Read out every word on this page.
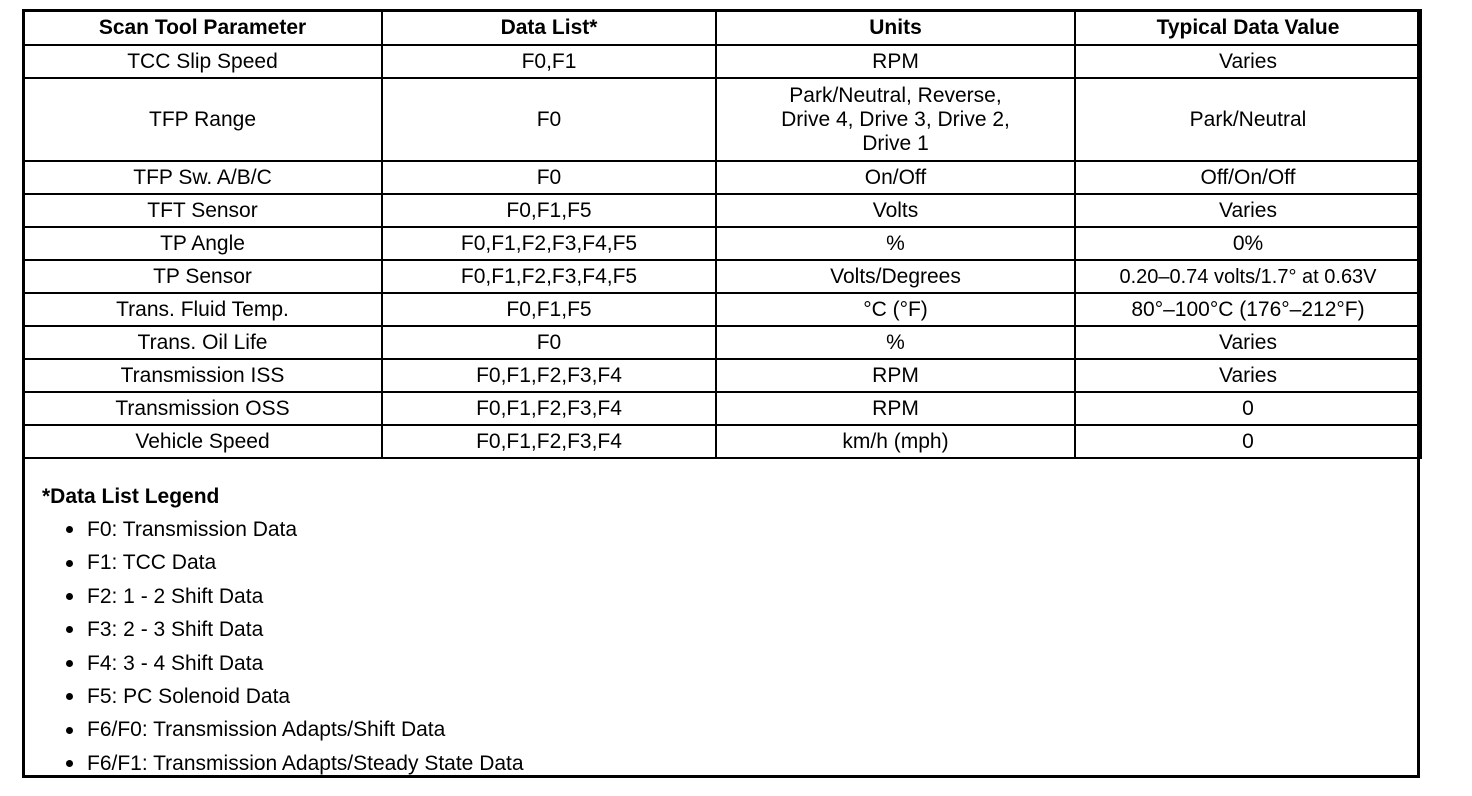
Scan Tool Parameter	Data List*	Units	Typical Data Value
TCC Slip Speed	F0,F1	RPM	Varies
TFP Range	F0	Park/Neutral, Reverse, Drive 4, Drive 3, Drive 2, Drive 1	Park/Neutral
TFP Sw. A/B/C	F0	On/Off	Off/On/Off
TFT Sensor	F0,F1,F5	Volts	Varies
TP Angle	F0,F1,F2,F3,F4,F5	%	0%
TP Sensor	F0,F1,F2,F3,F4,F5	Volts/Degrees	0.20–0.74 volts/1.7° at 0.63V
Trans. Fluid Temp.	F0,F1,F5	°C (°F)	80°–100°C (176°–212°F)
Trans. Oil Life	F0	%	Varies
Transmission ISS	F0,F1,F2,F3,F4	RPM	Varies
Transmission OSS	F0,F1,F2,F3,F4	RPM	0
Vehicle Speed	F0,F1,F2,F3,F4	km/h (mph)	0

*Data List Legend

F0: Transmission Data
F1: TCC Data
F2: 1 - 2 Shift Data
F3: 2 - 3 Shift Data
F4: 3 - 4 Shift Data
F5: PC Solenoid Data
F6/F0: Transmission Adapts/Shift Data
F6/F1: Transmission Adapts/Steady State Data
